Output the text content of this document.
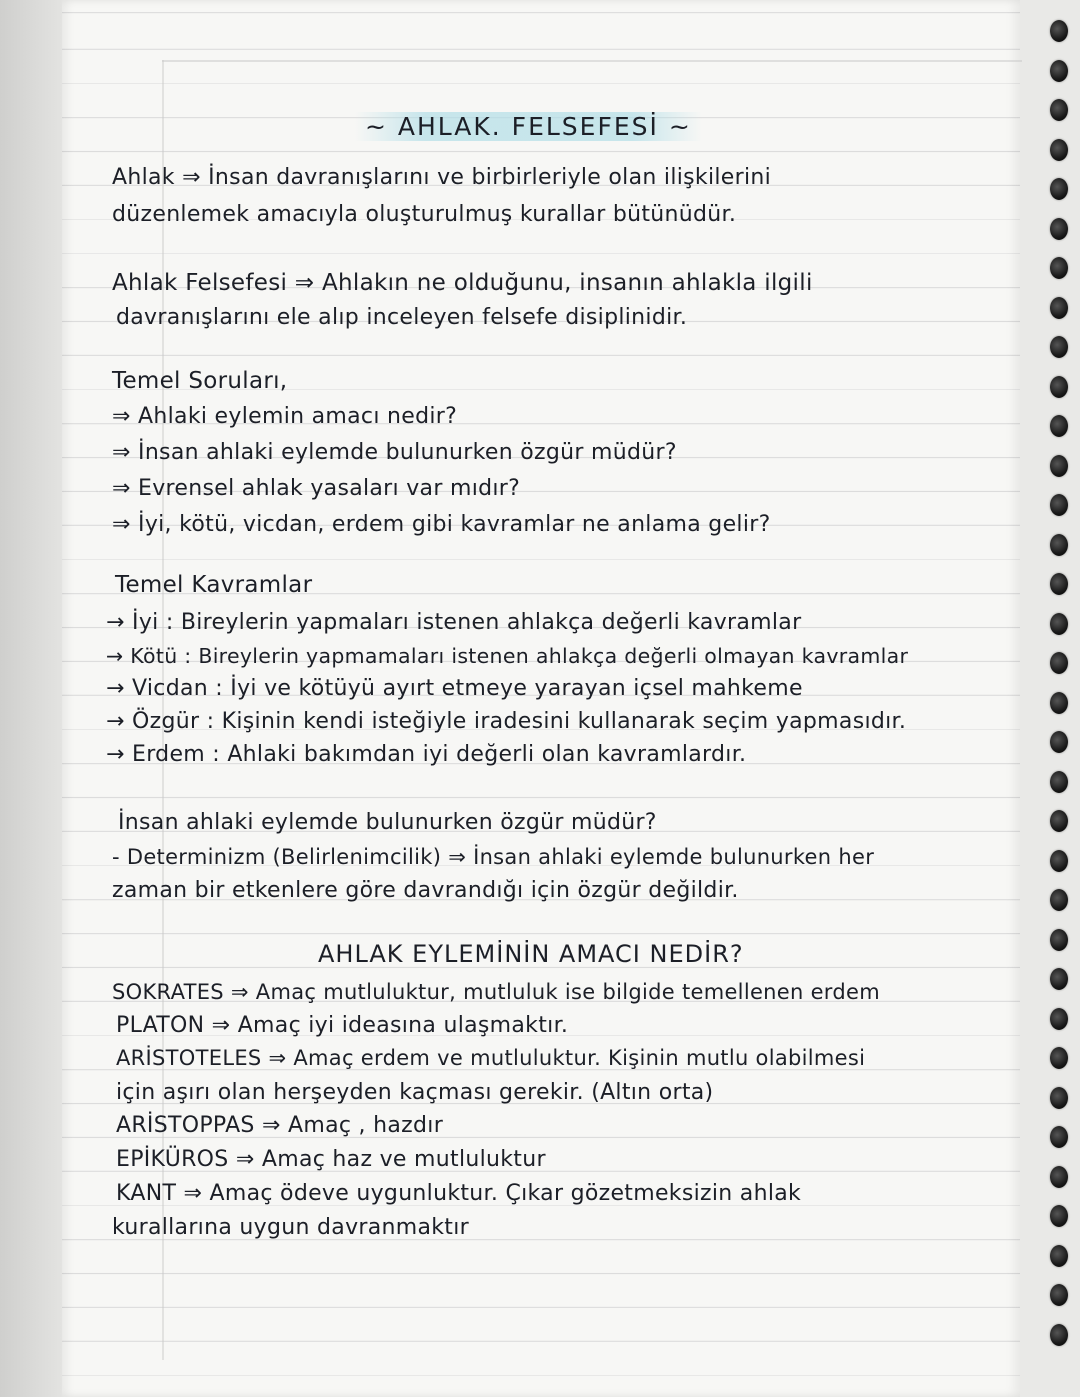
~ AHLAK. FELSEFESİ ~
Ahlak ⇒ İnsan davranışlarını ve birbirleriyle olan ilişkilerini
düzenlemek amacıyla oluşturulmuş kurallar bütünüdür.
Ahlak Felsefesi ⇒ Ahlakın ne olduğunu, insanın ahlakla ilgili
davranışlarını ele alıp inceleyen felsefe disiplinidir.
Temel Soruları,
⇒ Ahlaki eylemin amacı nedir?
⇒ İnsan ahlaki eylemde bulunurken özgür müdür?
⇒ Evrensel ahlak yasaları var mıdır?
⇒ İyi, kötü, vicdan, erdem gibi kavramlar ne anlama gelir?
Temel Kavramlar
→ İyi : Bireylerin yapmaları istenen ahlakça değerli kavramlar
→ Kötü : Bireylerin yapmamaları istenen ahlakça değerli olmayan kavramlar
→ Vicdan : İyi ve kötüyü ayırt etmeye yarayan içsel mahkeme
→ Özgür : Kişinin kendi isteğiyle iradesini kullanarak seçim yapmasıdır.
→ Erdem : Ahlaki bakımdan iyi değerli olan kavramlardır.
İnsan ahlaki eylemde bulunurken özgür müdür?
- Determinizm (Belirlenimcilik) ⇒ İnsan ahlaki eylemde bulunurken her
zaman bir etkenlere göre davrandığı için özgür değildir.
AHLAK EYLEMİNİN AMACI NEDİR?
SOKRATES ⇒ Amaç mutluluktur, mutluluk ise bilgide temellenen erdem
PLATON ⇒ Amaç iyi ideasına ulaşmaktır.
ARİSTOTELES ⇒ Amaç erdem ve mutluluktur. Kişinin mutlu olabilmesi
için aşırı olan herşeyden kaçması gerekir. (Altın orta)
ARİSTOPPAS ⇒ Amaç , hazdır
EPİKÜROS ⇒ Amaç haz ve mutluluktur
KANT ⇒ Amaç ödeve uygunluktur. Çıkar gözetmeksizin ahlak
kurallarına uygun davranmaktır
